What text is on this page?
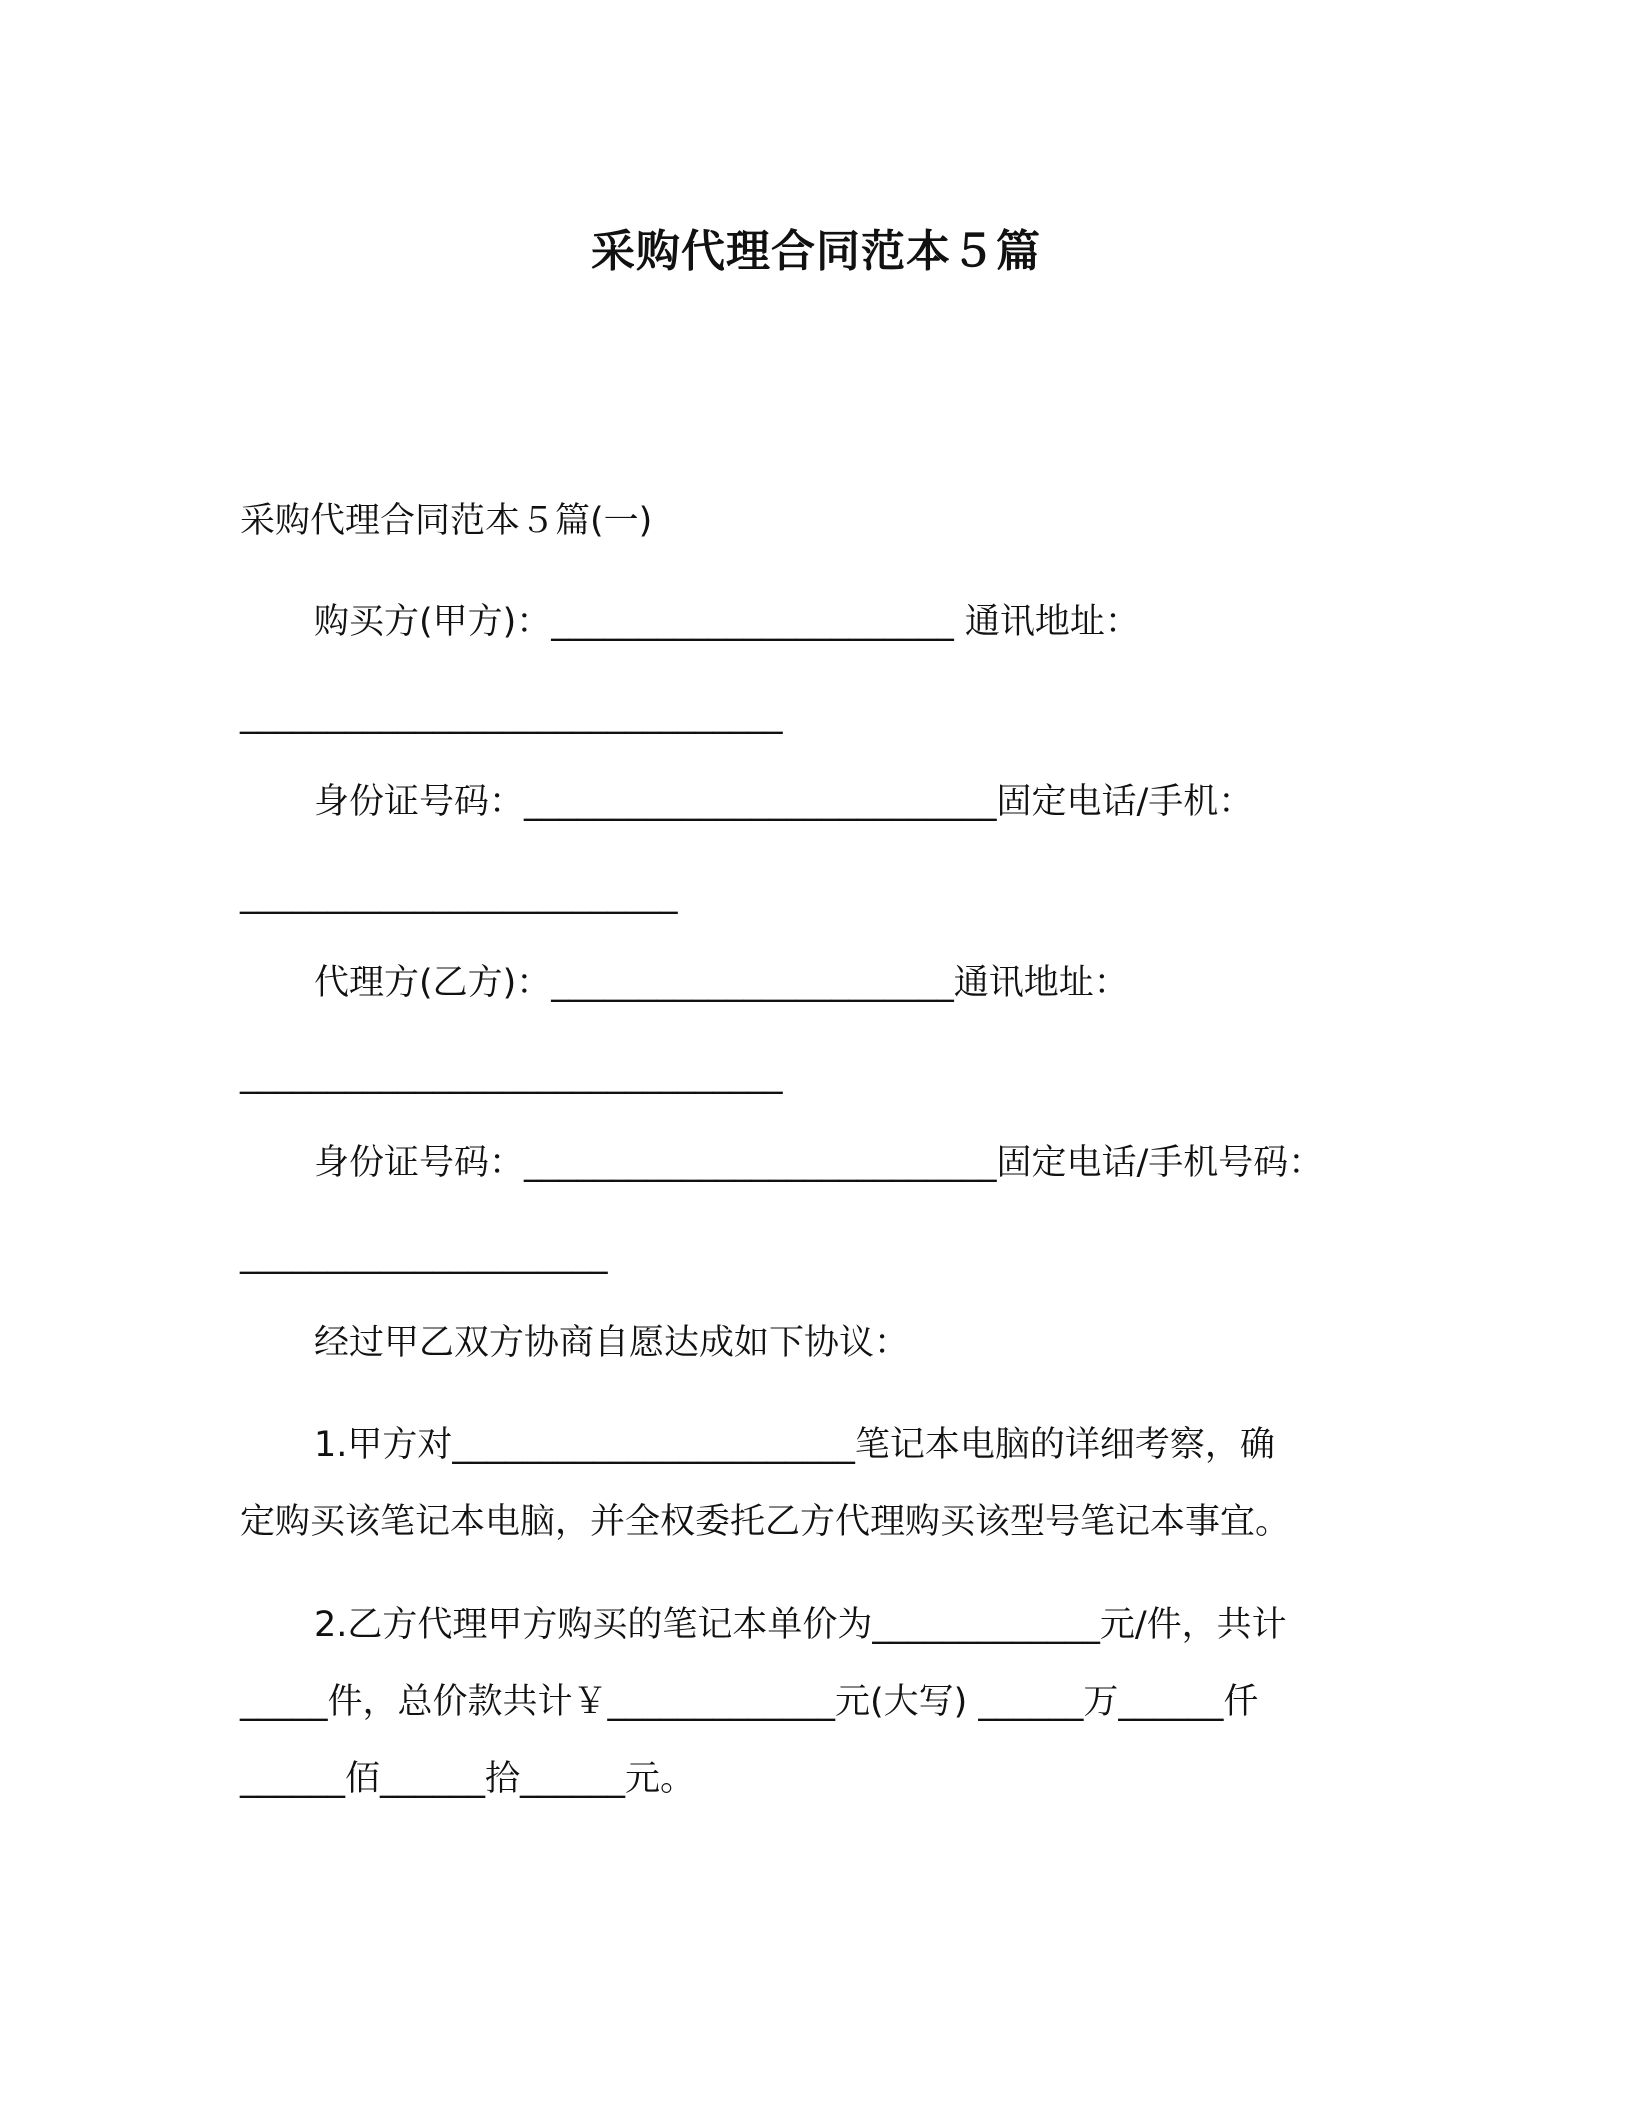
采购代理合同范本５篇
采购代理合同范本５篇(一)
购买方(甲方)：_______________________ 通讯地址：
_______________________________
身份证号码：___________________________固定电话/手机：
_________________________
代理方(乙方)：_______________________通讯地址：
_______________________________
身份证号码：___________________________固定电话/手机号码：
_____________________
经过甲乙双方协商自愿达成如下协议：
1.甲方对_______________________笔记本电脑的详细考察，确
定购买该笔记本电脑，并全权委托乙方代理购买该型号笔记本事宜。
2.乙方代理甲方购买的笔记本单价为_____________元/件，共计
_____件，总价款共计￥_____________元(大写) ______万______仟
______佰______拾______元。
